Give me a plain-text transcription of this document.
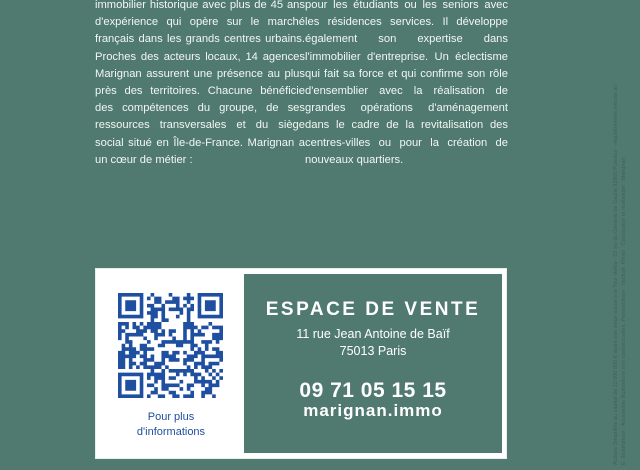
immobilier historique avec plus de 45 ans d'expérience qui opère sur le marché français dans les grands centres urbains. Proches des acteurs locaux, 14 agences Marignan assurent une présence au plus près des territoires. Chacune bénéficie des compétences du groupe, de ses ressources transversales et du siège social situé en Île-de-France. Marignan a un cœur de métier :
pour les étudiants ou les seniors avec les résidences services. Il développe également son expertise dans l'immobilier d'entreprise. Un éclectisme qui fait sa force et qui confirme son rôle d'ensemblier avec la réalisation de grandes opérations d'aménagement dans le cadre de la revitalisation des centres-villes ou pour la création de nouveaux quartiers.
Pour plus
d'informations
ESPACE DE VENTE
11 rue Jean Antoine de Baïf
75013 Paris
09 71 05 15 15
marignan.immo	Actions Simplifiée au capital de 12 000 000 € ayant son siège social à la Tour Hekla - 52 av. du Général de Gaulle 92800 Puteaux - régulièrement inscrite au E. Illustrations : Accessible illustrations non contractuelles. Perspectives : Vectuel. Photo : Conception et réalisation : Marignan
